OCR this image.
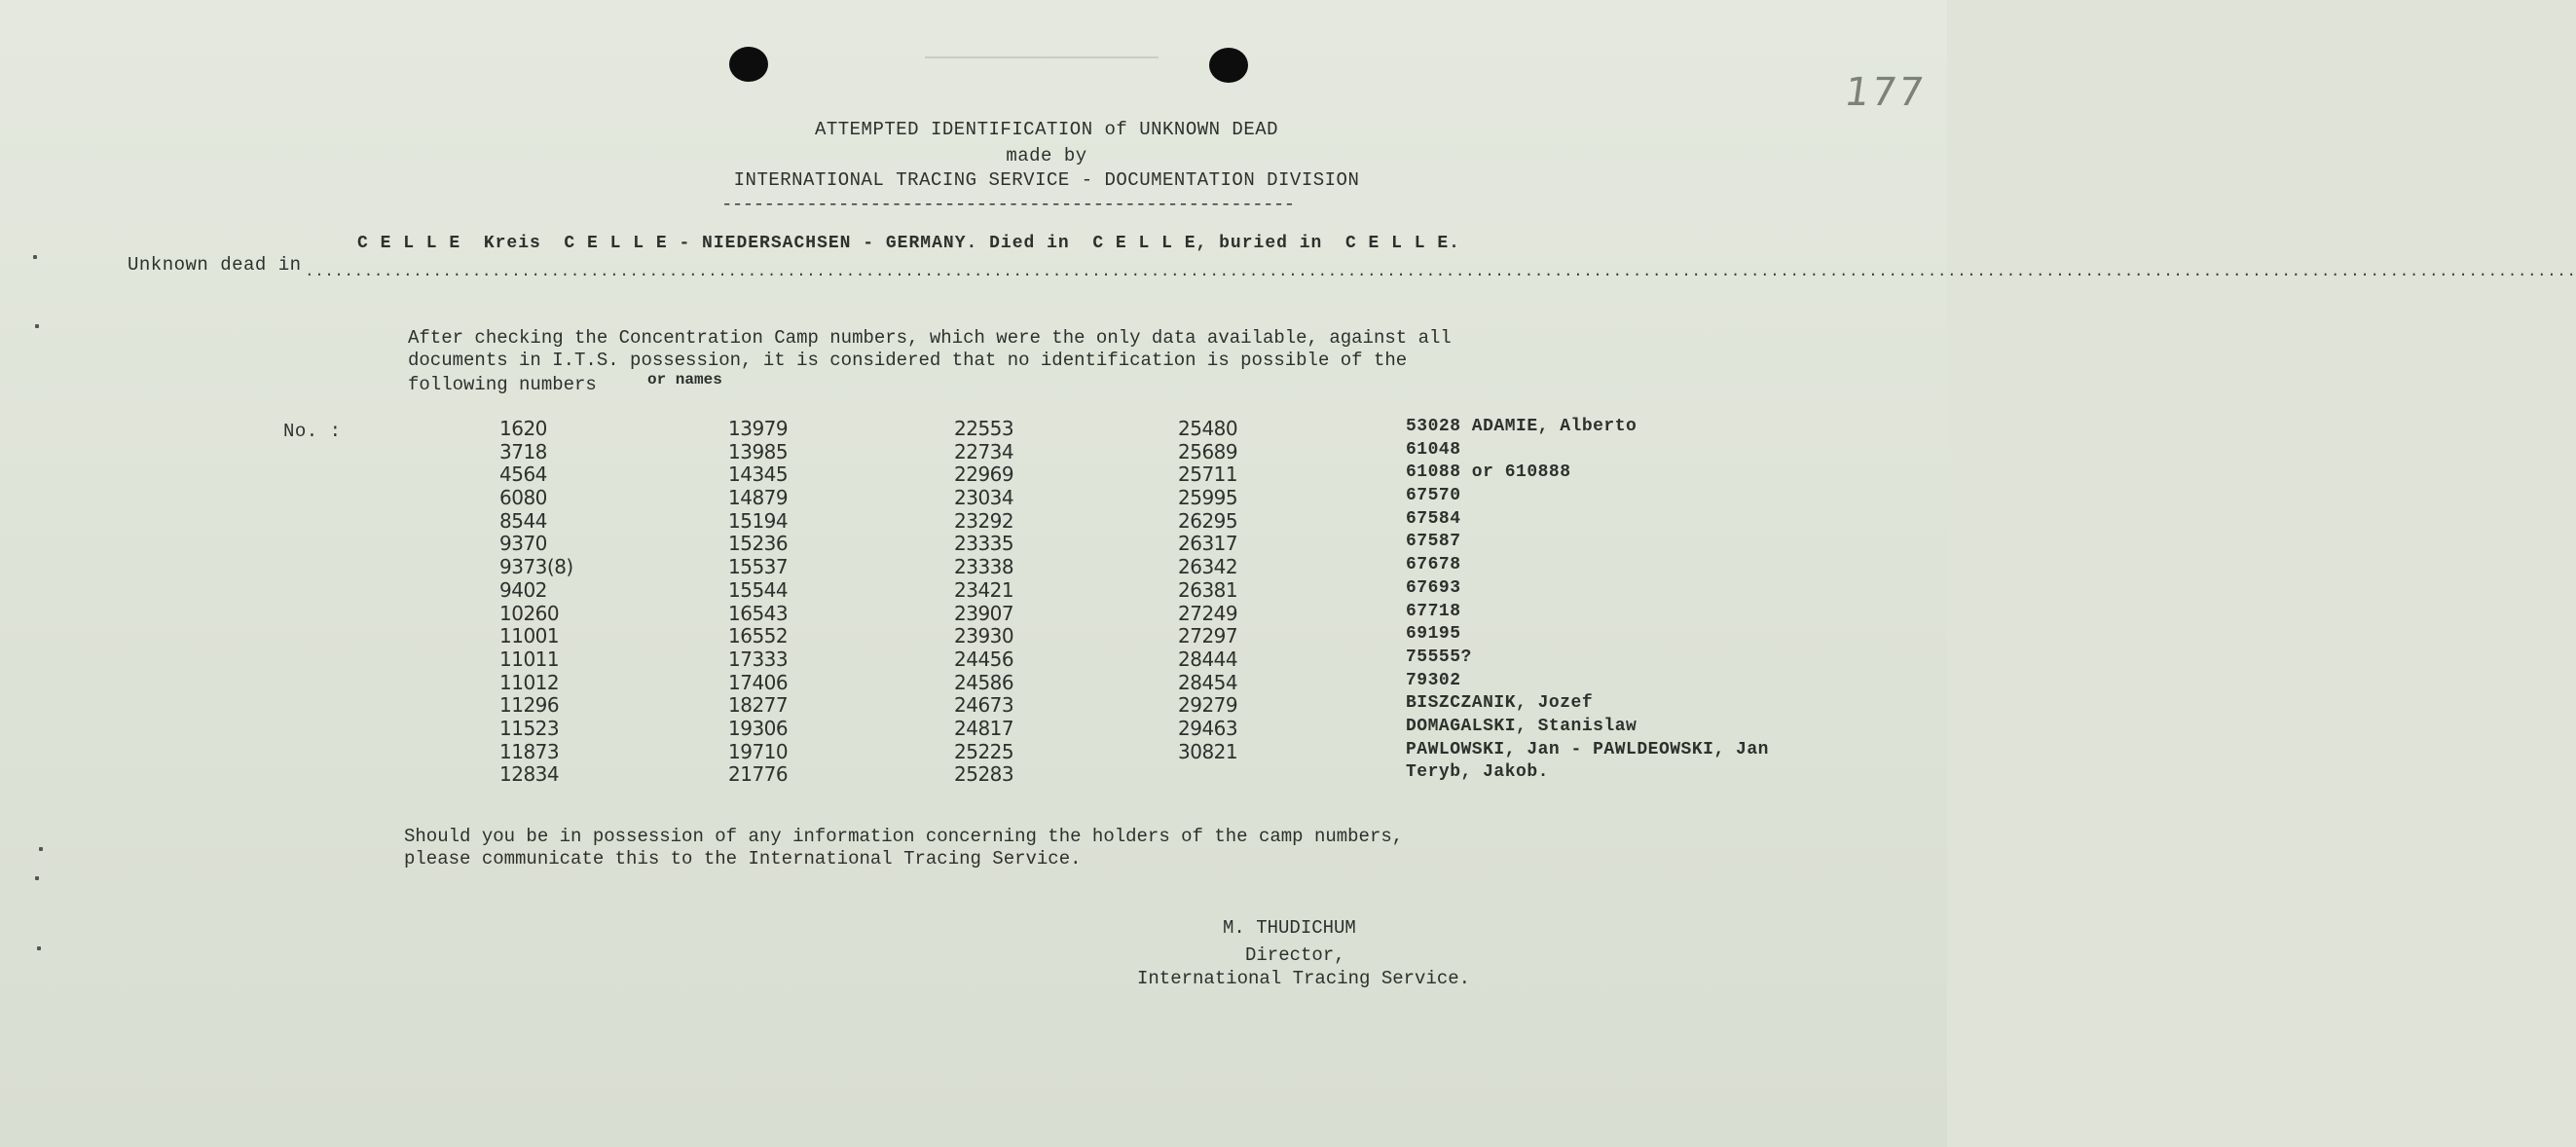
177
ATTEMPTED IDENTIFICATION of UNKNOWN DEAD
made by
INTERNATIONAL TRACING SERVICE - DOCUMENTATION DIVISION
------------------------------------------------------
C E L L E  Kreis  C E L L E - NIEDERSACHSEN - GERMANY. Died in  C E L L E, buried in  C E L L E.
Unknown dead in .......................................................................................................................................................................................................................................
After checking the Concentration Camp numbers, which were the only data available, against all
documents in I.T.S. possession, it is considered that no identification is possible of the
following numbers	or names
No. :	1620
3718
4564
6080
8544
9370
9373(8)
9402
10260
11001
11011
11012
11296
11523
11873
12834
13979
13985
14345
14879
15194
15236
15537
15544
16543
16552
17333
17406
18277
19306
19710
21776
22553
22734
22969
23034
23292
23335
23338
23421
23907
23930
24456
24586
24673
24817
25225
25283
25480
25689
25711
25995
26295
26317
26342
26381
27249
27297
28444
28454
29279
29463
30821
53028 ADAMIE, Alberto
61048
61088 or 610888
67570
67584
67587
67678
67693
67718
69195
75555?
79302
BISZCZANIK, Jozef
DOMAGALSKI, Stanislaw
PAWLOWSKI, Jan - PAWLDEOWSKI, Jan
Teryb, Jakob.
Should you be in possession of any information concerning the holders of the camp numbers,
please communicate this to the International Tracing Service.
M. THUDICHUM
Director,
International Tracing Service.
